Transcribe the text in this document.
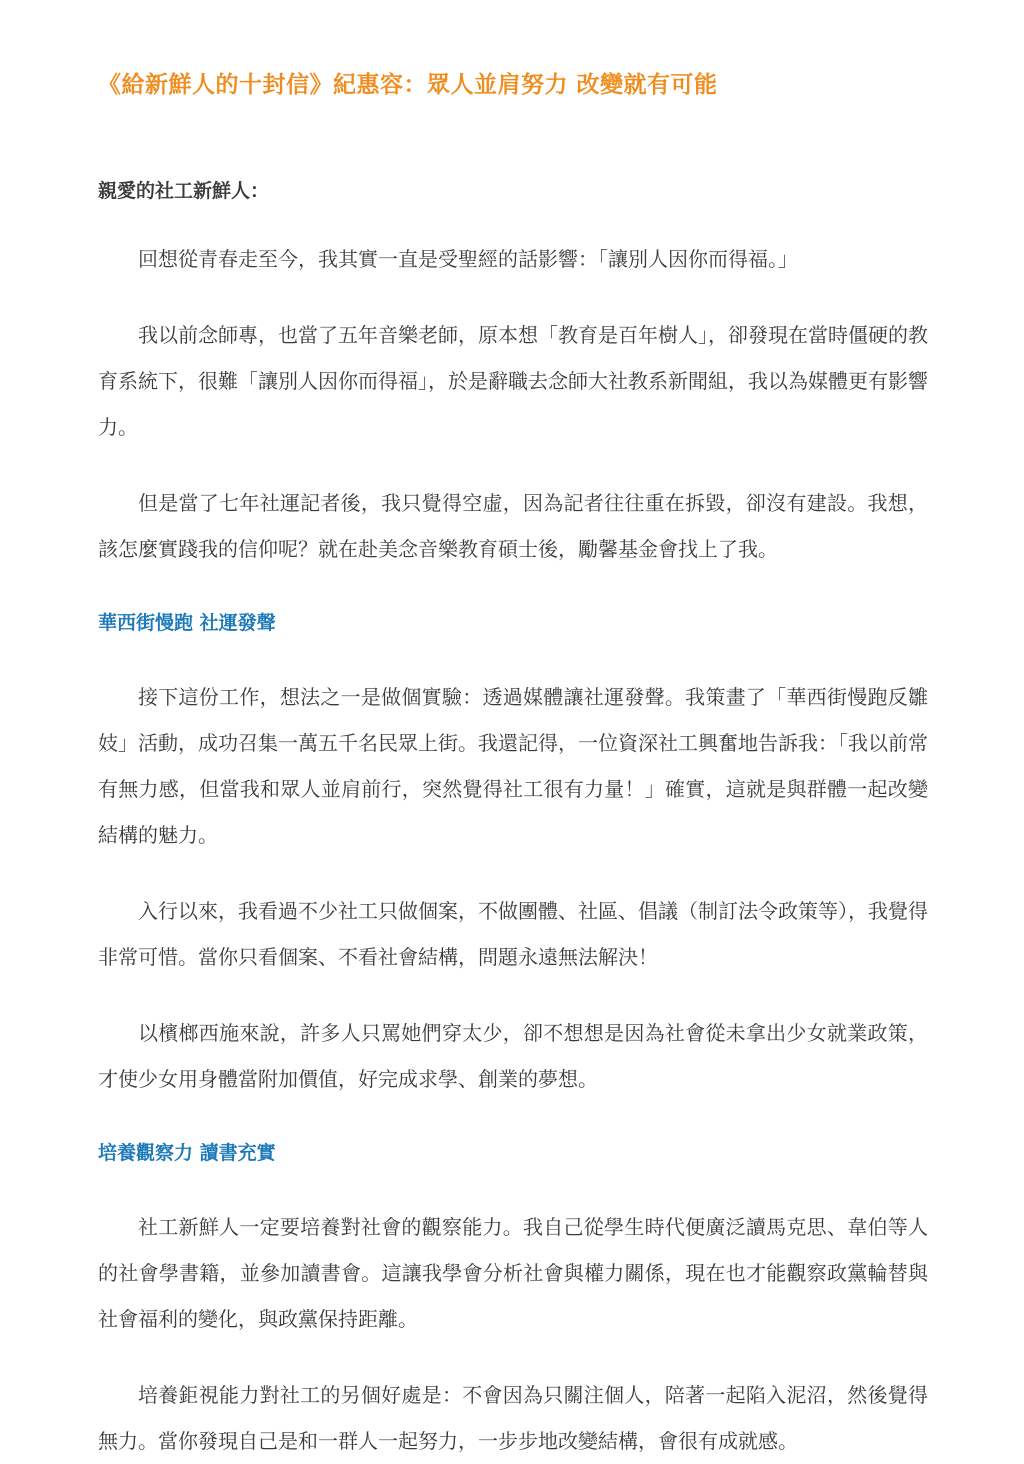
《給新鮮人的十封信》紀惠容：眾人並肩努力 改變就有可能

親愛的社工新鮮人：

回想從青春走至今，我其實一直是受聖經的話影響：「讓別人因你而得福。」

我以前念師專，也當了五年音樂老師，原本想「教育是百年樹人」，卻發現在當時僵硬的教育系統下，很難「讓別人因你而得福」，於是辭職去念師大社教系新聞組，我以為媒體更有影響力。

但是當了七年社運記者後，我只覺得空虛，因為記者往往重在拆毀，卻沒有建設。我想，該怎麼實踐我的信仰呢？就在赴美念音樂教育碩士後，勵馨基金會找上了我。

華西街慢跑 社運發聲

接下這份工作，想法之一是做個實驗：透過媒體讓社運發聲。我策畫了「華西街慢跑反雛妓」活動，成功召集一萬五千名民眾上街。我還記得，一位資深社工興奮地告訴我：「我以前常有無力感，但當我和眾人並肩前行，突然覺得社工很有力量！」確實，這就是與群體一起改變結構的魅力。

入行以來，我看過不少社工只做個案，不做團體、社區、倡議（制訂法令政策等），我覺得非常可惜。當你只看個案、不看社會結構，問題永遠無法解決！

以檳榔西施來說，許多人只罵她們穿太少，卻不想想是因為社會從未拿出少女就業政策，才使少女用身體當附加價值，好完成求學、創業的夢想。

培養觀察力 讀書充實

社工新鮮人一定要培養對社會的觀察能力。我自己從學生時代便廣泛讀馬克思、韋伯等人的社會學書籍，並參加讀書會。這讓我學會分析社會與權力關係，現在也才能觀察政黨輪替與社會福利的變化，與政黨保持距離。

培養鉅視能力對社工的另個好處是：不會因為只關注個人，陪著一起陷入泥沼，然後覺得無力。當你發現自己是和一群人一起努力，一步步地改變結構，會很有成就感。
